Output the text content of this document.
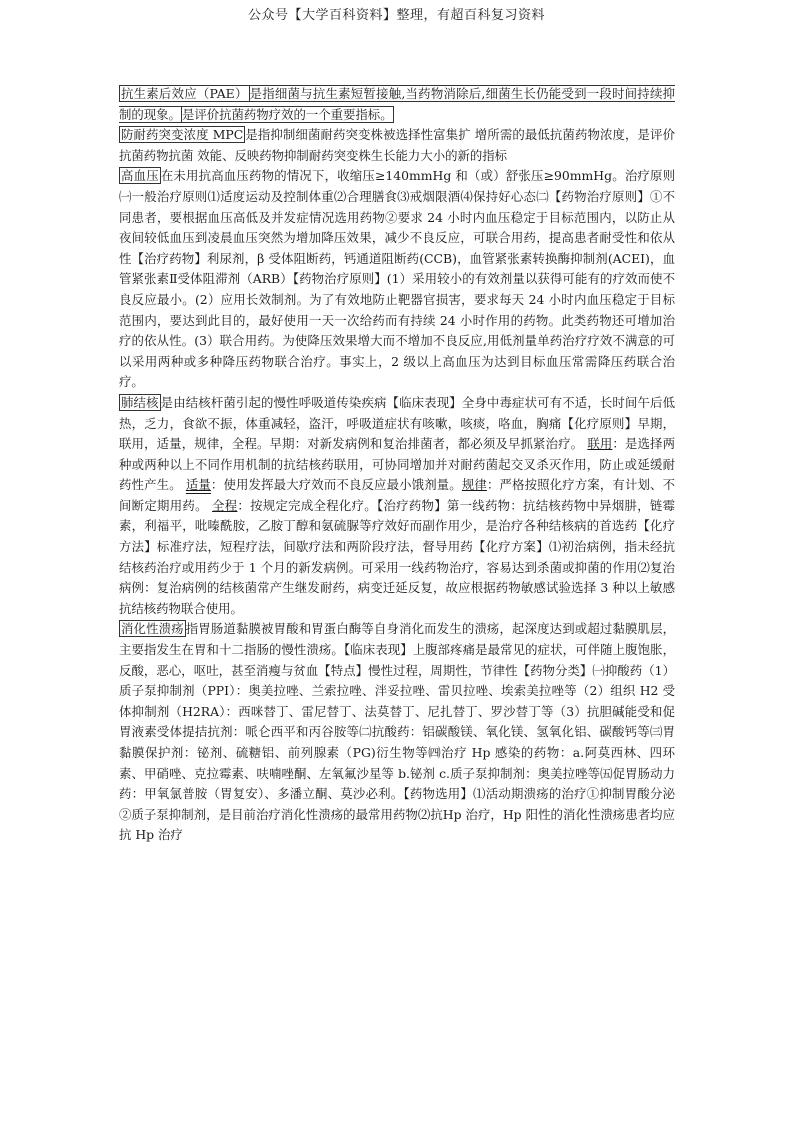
公众号【大学百科资料】整理，有超百科复习资料

抗生素后效应（PAE） 是指细菌与抗生素短暂接触,当药物消除后,细菌生长仍能受到一段时间持续抑制的现象。是评价抗菌药物疗效的一个重要指标。

防耐药突变浓度 MPC 是指抑制细菌耐药突变株被选择性富集扩 增所需的最低抗菌药物浓度，是评价抗菌药物抗菌 效能、反映药物抑制耐药突变株生长能力大小的新的指标

高血压 在未用抗高血压药物的情况下，收缩压≥140mmHg 和（或）舒张压≥90mmHg。治疗原则㈠一般治疗原则⑴适度运动及控制体重⑵合理膳食⑶戒烟限酒⑷保持好心态㈡【药物治疗原则】①不同患者，要根据血压高低及并发症情况选用药物②要求 24 小时内血压稳定于目标范围内，以防止从夜间较低血压到凌晨血压突然为增加降压效果，减少不良反应，可联合用药，提高患者耐受性和依从性【治疗药物】利尿剂，β 受体阻断药，钙通道阻断药(CCB)，血管紧张素转换酶抑制剂(ACEI)，血管紧张素Ⅱ受体阻滞剂（ARB）【药物治疗原则】(1）采用较小的有效剂量以获得可能有的疗效而使不良反应最小。(2）应用长效制剂。为了有效地防止靶器官损害，要求每天 24 小时内血压稳定于目标范围内，要达到此目的，最好使用一天一次给药而有持续 24 小时作用的药物。此类药物还可增加治疗的依从性。(3）联合用药。为使降压效果增大而不增加不良反应,用低剂量单药治疗疗效不满意的可以采用两种或多种降压药物联合治疗。事实上，2 级以上高血压为达到目标血压常需降压药联合治疗。

肺结核 是由结核杆菌引起的慢性呼吸道传染疾病【临床表现】全身中毒症状可有不适，长时间午后低热，乏力，食欲不振，体重减轻，盗汗，呼吸道症状有咳嗽，咳痰，咯血，胸痛【化疗原则】早期，联用，适量，规律，全程。早期：对新发病例和复治排菌者，都必须及早抓紧治疗。 联用：是选择两种或两种以上不同作用机制的抗结核药联用，可协同增加并对耐药菌起交叉杀灭作用，防止或延缓耐药性产生。 适量：使用发挥最大疗效而不良反应最小饿剂量。规律：严格按照化疗方案，有计划、不间断定期用药。 全程：按规定完成全程化疗。【治疗药物】第一线药物：抗结核药物中异烟肼，链霉素，利福平，吡嗪酰胺，乙胺丁醇和氨硫脲等疗效好而副作用少，是治疗各种结核病的首选药【化疗方法】标准疗法，短程疗法，间歇疗法和两阶段疗法，督导用药【化疗方案】⑴初治病例，指未经抗结核药治疗或用药少于 1 个月的新发病例。可采用一线药物治疗，容易达到杀菌或抑菌的作用⑵复治病例：复治病例的结核菌常产生继发耐药，病变迁延反复，故应根据药物敏感试验选择 3 种以上敏感抗结核药物联合使用。

消化性溃疡 指胃肠道黏膜被胃酸和胃蛋白酶等自身消化而发生的溃疡，起深度达到或超过黏膜肌层，主要指发生在胃和十二指肠的慢性溃疡。【临床表现】上腹部疼痛是最常见的症状，可伴随上腹饱胀，反酸，恶心，呕吐，甚至消瘦与贫血【特点】慢性过程，周期性，节律性【药物分类】㈠抑酸药（1）质子泵抑制剂（PPI）：奥美拉唑、兰索拉唑、泮妥拉唑、雷贝拉唑、埃索美拉唑等（2）组织 H2 受体抑制剂（H2RA）：西咪替丁、雷尼替丁、法莫替丁、尼扎替丁、罗沙替丁等（3）抗胆碱能受和促胃液素受体提拮抗剂：哌仑西平和丙谷胺等㈡抗酸药：铝碳酸镁、氧化镁、氢氧化铝、碳酸钙等㈢胃黏膜保护剂：铋剂、硫糖铝、前列腺素（PG)衍生物等㈣治疗 Hp 感染的药物：a.阿莫西林、四环素、甲硝唑、克拉霉素、呋喃唑酮、左氧氟沙星等 b.铋剂 c.质子泵抑制剂：奥美拉唑等㈤促胃肠动力药：甲氧氯普胺（胃复安）、多潘立酮、莫沙必利。【药物选用】⑴活动期溃疡的治疗①抑制胃酸分泌②质子泵抑制剂，是目前治疗消化性溃疡的最常用药物⑵抗Hp 治疗，Hp 阳性的消化性溃疡患者均应抗 Hp 治疗
